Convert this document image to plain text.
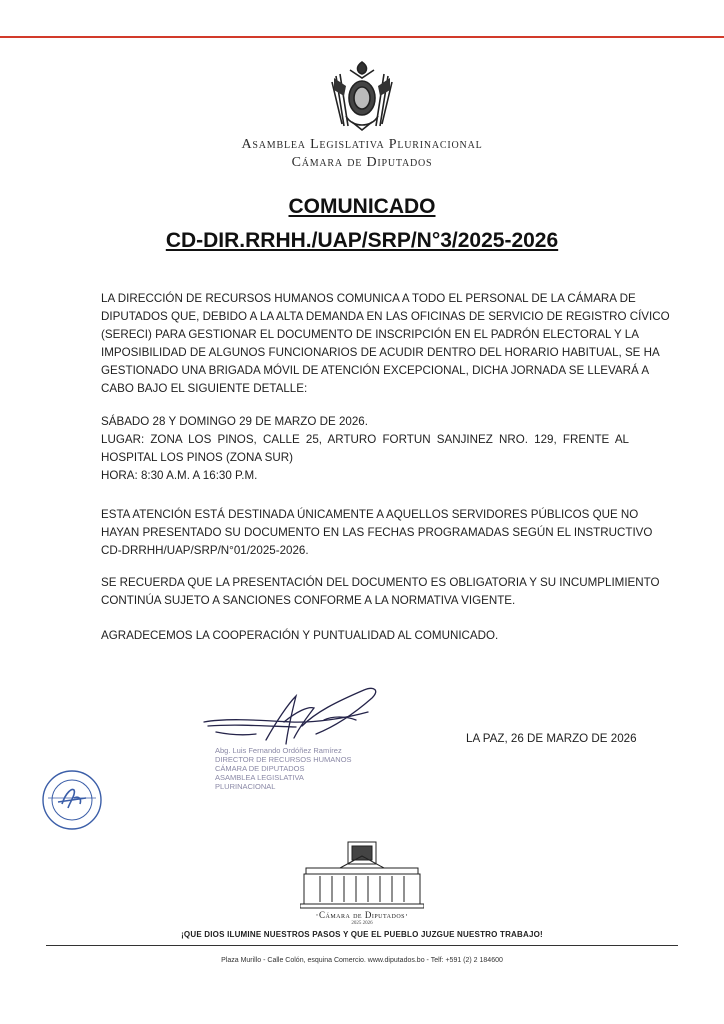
Asamblea Legislativa Plurinacional
Cámara de Diputados
COMUNICADO
CD-DIR.RRHH./UAP/SRP/N°3/2025-2026
LA DIRECCIÓN DE RECURSOS HUMANOS COMUNICA A TODO EL PERSONAL DE LA CÁMARA DE
DIPUTADOS QUE, DEBIDO A LA ALTA DEMANDA EN LAS OFICINAS DE SERVICIO DE REGISTRO CÍVICO
(SERECI) PARA GESTIONAR EL DOCUMENTO DE INSCRIPCIÓN EN EL PADRÓN ELECTORAL Y LA
IMPOSIBILIDAD DE ALGUNOS FUNCIONARIOS DE ACUDIR DENTRO DEL HORARIO HABITUAL, SE HA
GESTIONADO UNA BRIGADA MÓVIL DE ATENCIÓN EXCEPCIONAL, DICHA JORNADA SE LLEVARÁ A
CABO BAJO EL SIGUIENTE DETALLE:
SÁBADO 28 Y DOMINGO 29 DE MARZO DE 2026.
LUGAR: ZONA LOS PINOS, CALLE 25, ARTURO FORTUN SANJINEZ NRO. 129, FRENTE AL
HOSPITAL LOS PINOS (ZONA SUR)
HORA: 8:30 A.M. A 16:30 P.M.
ESTA ATENCIÓN ESTÁ DESTINADA ÚNICAMENTE A AQUELLOS SERVIDORES PÚBLICOS QUE NO
HAYAN PRESENTADO SU DOCUMENTO EN LAS FECHAS PROGRAMADAS SEGÚN EL INSTRUCTIVO
CD-DRRHH/UAP/SRP/N°01/2025-2026.
SE RECUERDA QUE LA PRESENTACIÓN DEL DOCUMENTO ES OBLIGATORIA Y SU INCUMPLIMIENTO
CONTINÚA SUJETO A SANCIONES CONFORME A LA NORMATIVA VIGENTE.
AGRADECEMOS LA COOPERACIÓN Y PUNTUALIDAD AL COMUNICADO.
LA PAZ, 26 DE MARZO DE 2026
Abg. Luis Fernando Ordóñez Ramírez
DIRECTOR DE RECURSOS HUMANOS
CÁMARA DE DIPUTADOS
ASAMBLEA LEGISLATIVA PLURINACIONAL
·Cámara de Diputados·
2025 2026
¡QUE DIOS ILUMINE NUESTROS PASOS Y QUE EL PUEBLO JUZGUE NUESTRO TRABAJO!
Plaza Murillo - Calle Colón, esquina Comercio. www.diputados.bo - Telf: +591 (2) 2 184600
